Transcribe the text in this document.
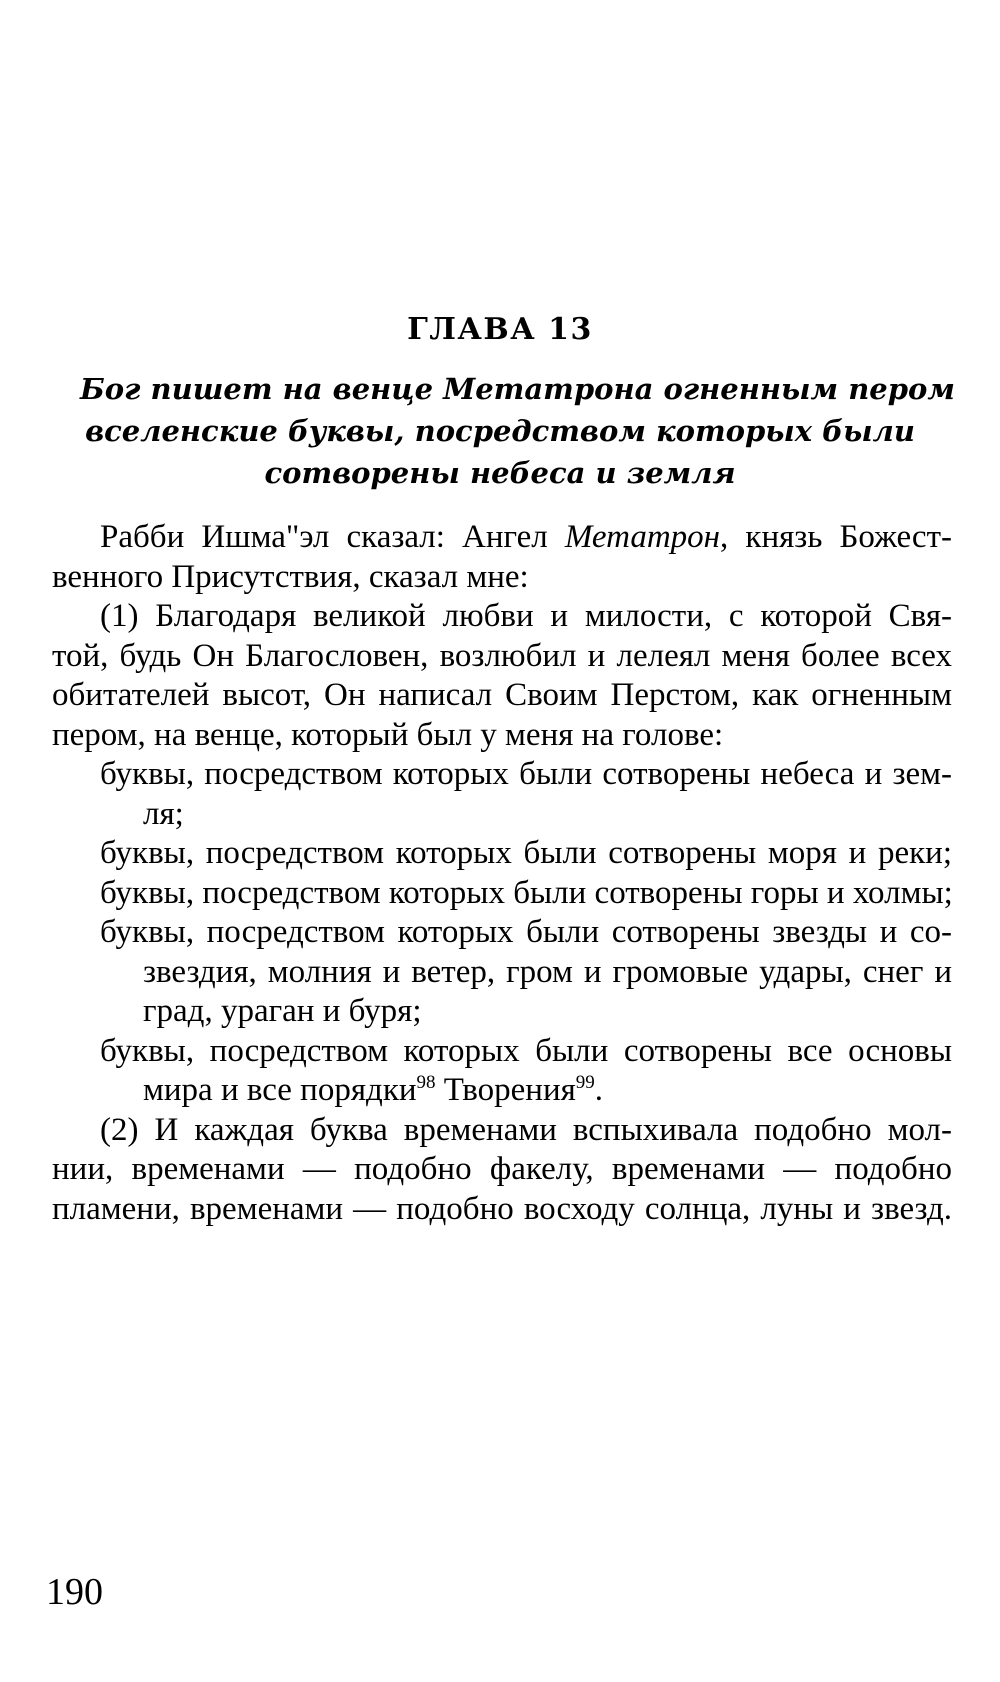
ГЛАВА 13
Бог пишет на венце Метатрона огненным пером
вселенские буквы, посредством которых были
сотворены небеса и земля
Рабби Ишма"эл сказал: Ангел Метатрон, князь Божест-
венного Присутствия, сказал мне:
(1) Благодаря великой любви и милости, с которой Свя-
той, будь Он Благословен, возлюбил и лелеял меня более всех
обитателей высот, Он написал Своим Перстом, как огненным
пером, на венце, который был у меня на голове:
буквы, посредством которых были сотворены небеса и зем-
ля;
буквы, посредством которых были сотворены моря и реки;
буквы, посредством которых были сотворены горы и холмы;
буквы, посредством которых были сотворены звезды и со-
звездия, молния и ветер, гром и громовые удары, снег и
град, ураган и буря;
буквы, посредством которых были сотворены все основы
мира и все порядки$^{98}$ Творения$^{99}$.
(2) И каждая буква временами вспыхивала подобно мол-
нии, временами — подобно факелу, временами — подобно
пламени, временами — подобно восходу солнца, луны и звезд.
190
